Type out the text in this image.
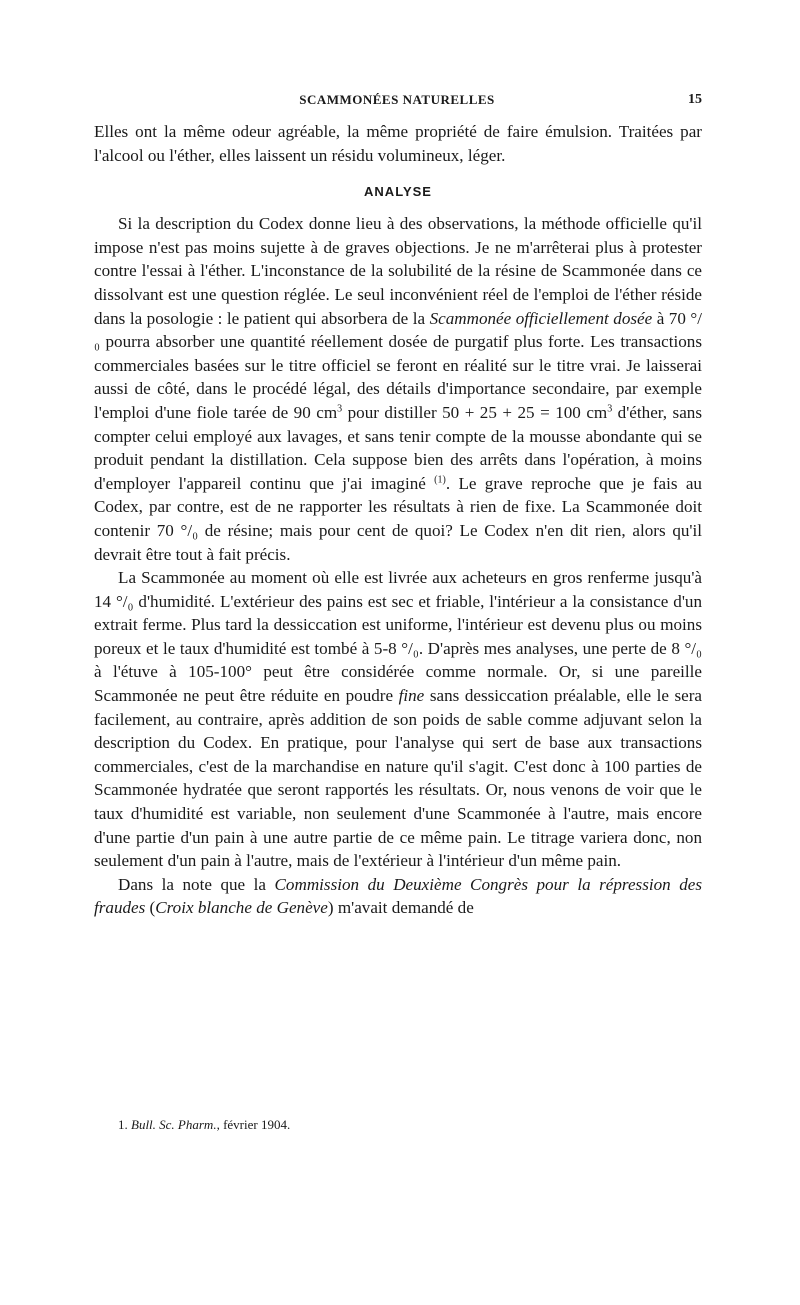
SCAMMONÉES NATURELLES	15

Elles ont la même odeur agréable, la même propriété de faire émulsion. Traitées par l'alcool ou l'éther, elles laissent un résidu volumineux, léger.

ANALYSE

Si la description du Codex donne lieu à des observations, la méthode officielle qu'il impose n'est pas moins sujette à de graves objections. Je ne m'arrêterai plus à protester contre l'essai à l'éther. L'inconstance de la solubilité de la résine de Scammonée dans ce dissolvant est une question réglée. Le seul inconvénient réel de l'emploi de l'éther réside dans la posologie : le patient qui absorbera de la Scammonée officiellement dosée à 70 °/₀ pourra absorber une quantité réellement dosée de purgatif plus forte. Les transactions commerciales basées sur le titre officiel se feront en réalité sur le titre vrai. Je laisserai aussi de côté, dans le procédé légal, des détails d'importance secondaire, par exemple l'emploi d'une fiole tarée de 90 $cm^3$ pour distiller 50 + 25 + 25 = 100 $cm^3$ d'éther, sans compter celui employé aux lavages, et sans tenir compte de la mousse abondante qui se produit pendant la distillation. Cela suppose bien des arrêts dans l'opération, à moins d'employer l'appareil continu que j'ai imaginé $^{(1)}$. Le grave reproche que je fais au Codex, par contre, est de ne rapporter les résultats à rien de fixe. La Scammonée doit contenir 70 °/₀ de résine; mais pour cent de quoi? Le Codex n'en dit rien, alors qu'il devrait être tout à fait précis.

La Scammonée au moment où elle est livrée aux acheteurs en gros renferme jusqu'à 14 °/₀ d'humidité. L'extérieur des pains est sec et friable, l'intérieur a la consistance d'un extrait ferme. Plus tard la dessiccation est uniforme, l'intérieur est devenu plus ou moins poreux et le taux d'humidité est tombé à 5-8 °/₀. D'après mes analyses, une perte de 8 °/₀ à l'étuve à 105-100° peut être considérée comme normale. Or, si une pareille Scammonée ne peut être réduite en poudre fine sans dessiccation préalable, elle le sera facilement, au contraire, après addition de son poids de sable comme adjuvant selon la description du Codex. En pratique, pour l'analyse qui sert de base aux transactions commerciales, c'est de la marchandise en nature qu'il s'agit. C'est donc à 100 parties de Scammonée hydratée que seront rapportés les résultats. Or, nous venons de voir que le taux d'humidité est variable, non seulement d'une Scammonée à l'autre, mais encore d'une partie d'un pain à une autre partie de ce même pain. Le titrage variera donc, non seulement d'un pain à l'autre, mais de l'extérieur à l'intérieur d'un même pain.

Dans la note que la Commission du Deuxième Congrès pour la répression des fraudes (Croix blanche de Genève) m'avait demandé de

1. Bull. Sc. Pharm., février 1904.
